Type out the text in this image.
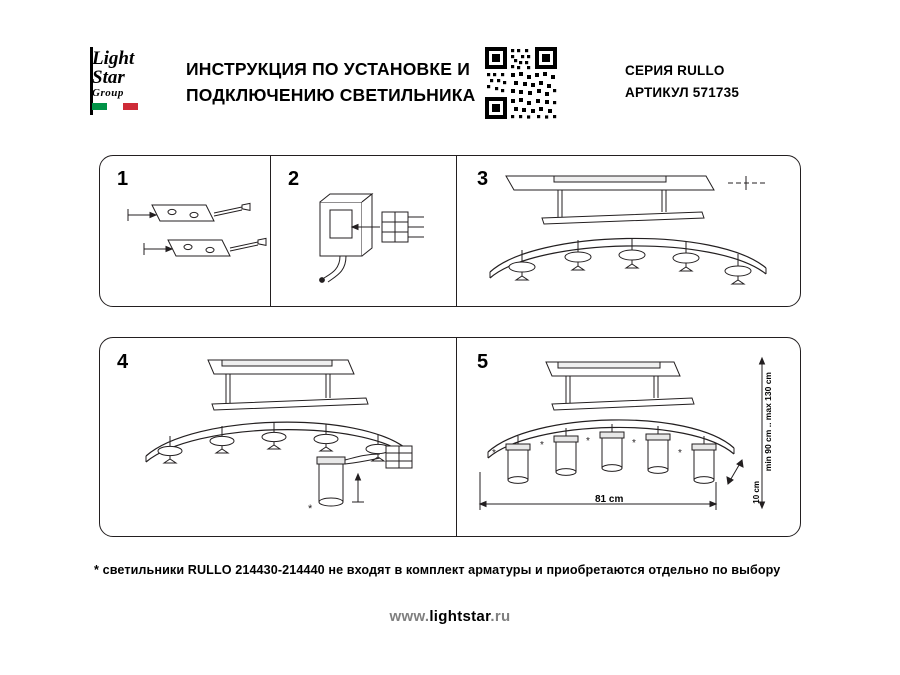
Light
Star
Group
ИНСТРУКЦИЯ ПО УСТАНОВКЕ И
ПОДКЛЮЧЕНИЮ СВЕТИЛЬНИКА
СЕРИЯ RULLO
АРТИКУЛ 571735
1	2	3
4	5
*
*
*	*	*
*	min 90 cm .. max 130 cm
10 cm
81 cm
* светильники RULLO 214430-214440 не входят в комплект арматуры и приобретаются отдельно по выбору
www.lightstar.ru
